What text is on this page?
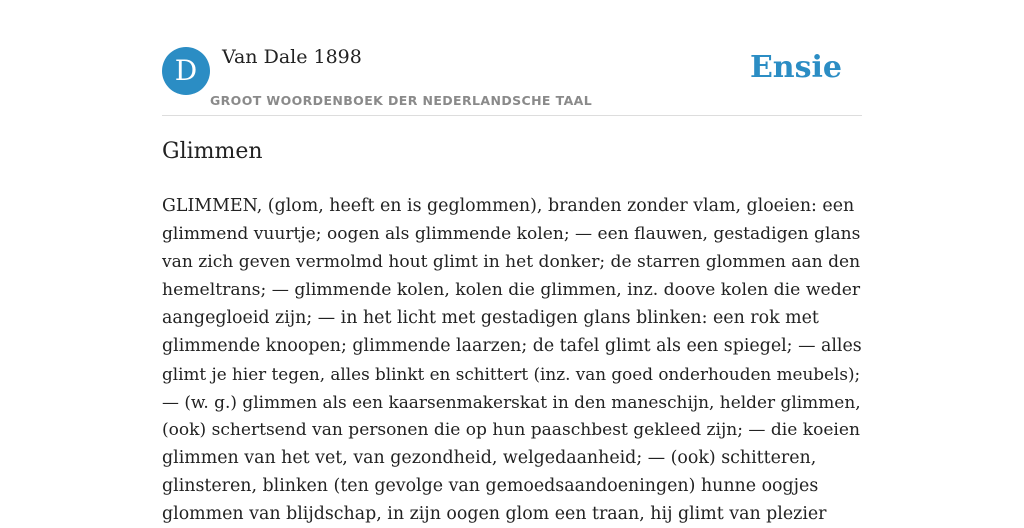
D	Van Dale 1898
GROOT WOORDENBOEK DER NEDERLANDSCHE TAAL
Ensie
Glimmen
GLIMMEN, (glom, heeft en is geglommen), branden zonder vlam, gloeien: een
glimmend vuurtje; oogen als glimmende kolen; — een flauwen, gestadigen glans
van zich geven vermolmd hout glimt in het donker; de starren glommen aan den
hemeltrans; — glimmende kolen, kolen die glimmen, inz. doove kolen die weder
aangegloeid zijn; — in het licht met gestadigen glans blinken: een rok met
glimmende knoopen; glimmende laarzen; de tafel glimt als een spiegel; — alles
glimt je hier tegen, alles blinkt en schittert (inz. van goed onderhouden meubels);
— (w. g.) glimmen als een kaarsenmakerskat in den maneschijn, helder glimmen,
(ook) schertsend van personen die op hun paaschbest gekleed zijn; — die koeien
glimmen van het vet, van gezondheid, welgedaanheid; — (ook) schitteren,
glinsteren, blinken (ten gevolge van gemoedsaandoeningen) hunne oogjes
glommen van blijdschap, in zijn oogen glom een traan, hij glimt van plezier
